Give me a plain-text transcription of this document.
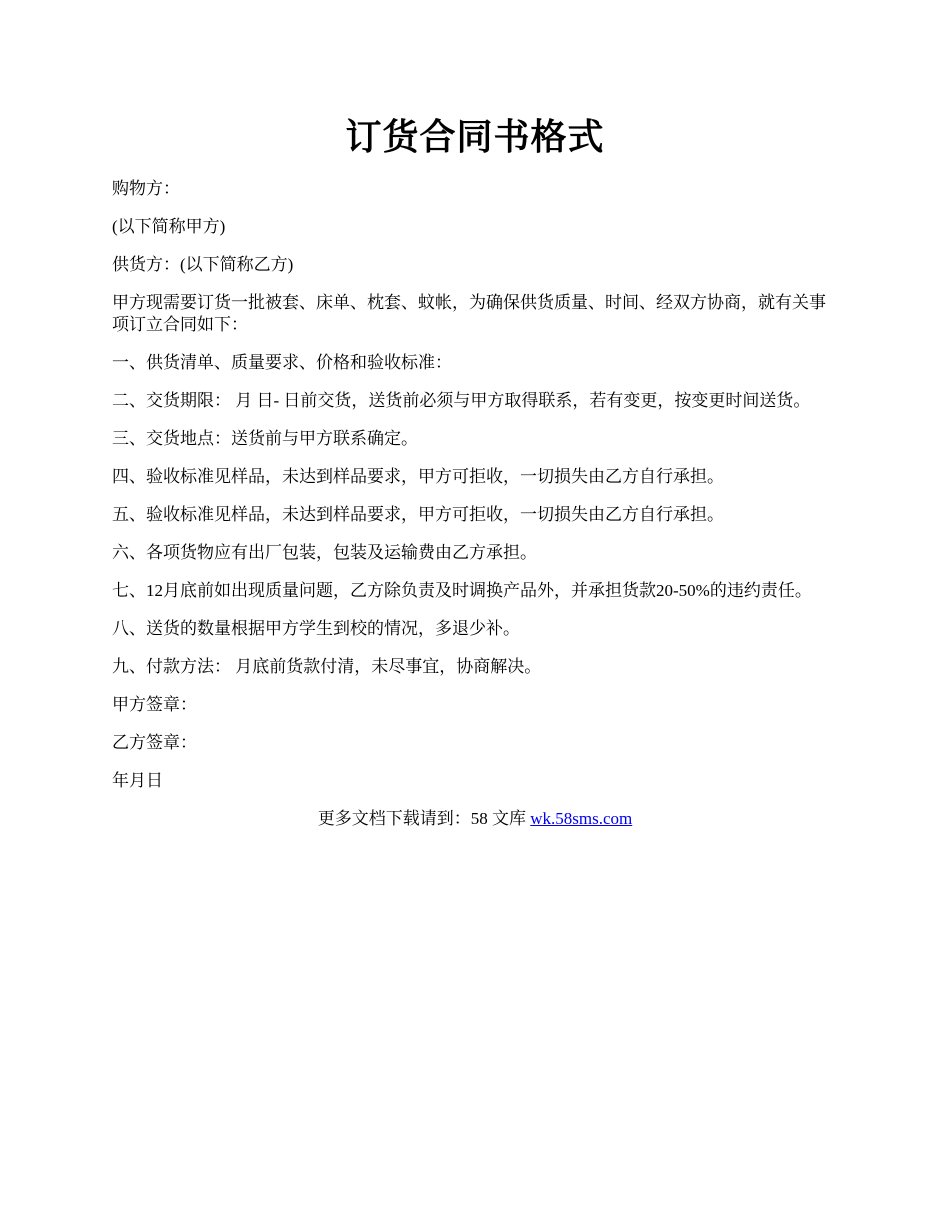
订货合同书格式

购物方：

(以下简称甲方)

供货方：(以下简称乙方)

甲方现需要订货一批被套、床单、枕套、蚊帐，为确保供货质量、时间、经双方协商，就有关事项订立合同如下：

一、供货清单、质量要求、价格和验收标准：

二、交货期限： 月 日- 日前交货，送货前必须与甲方取得联系，若有变更，按变更时间送货。

三、交货地点：送货前与甲方联系确定。

四、验收标准见样品，未达到样品要求，甲方可拒收，一切损失由乙方自行承担。

五、验收标准见样品，未达到样品要求，甲方可拒收，一切损失由乙方自行承担。

六、各项货物应有出厂包装，包装及运输费由乙方承担。

七、12月底前如出现质量问题，乙方除负责及时调换产品外，并承担货款20-50%的违约责任。

八、送货的数量根据甲方学生到校的情况，多退少补。

九、付款方法： 月底前货款付清，未尽事宜，协商解决。

甲方签章：

乙方签章：

年月日

更多文档下载请到：58 文库 wk.58sms.com
